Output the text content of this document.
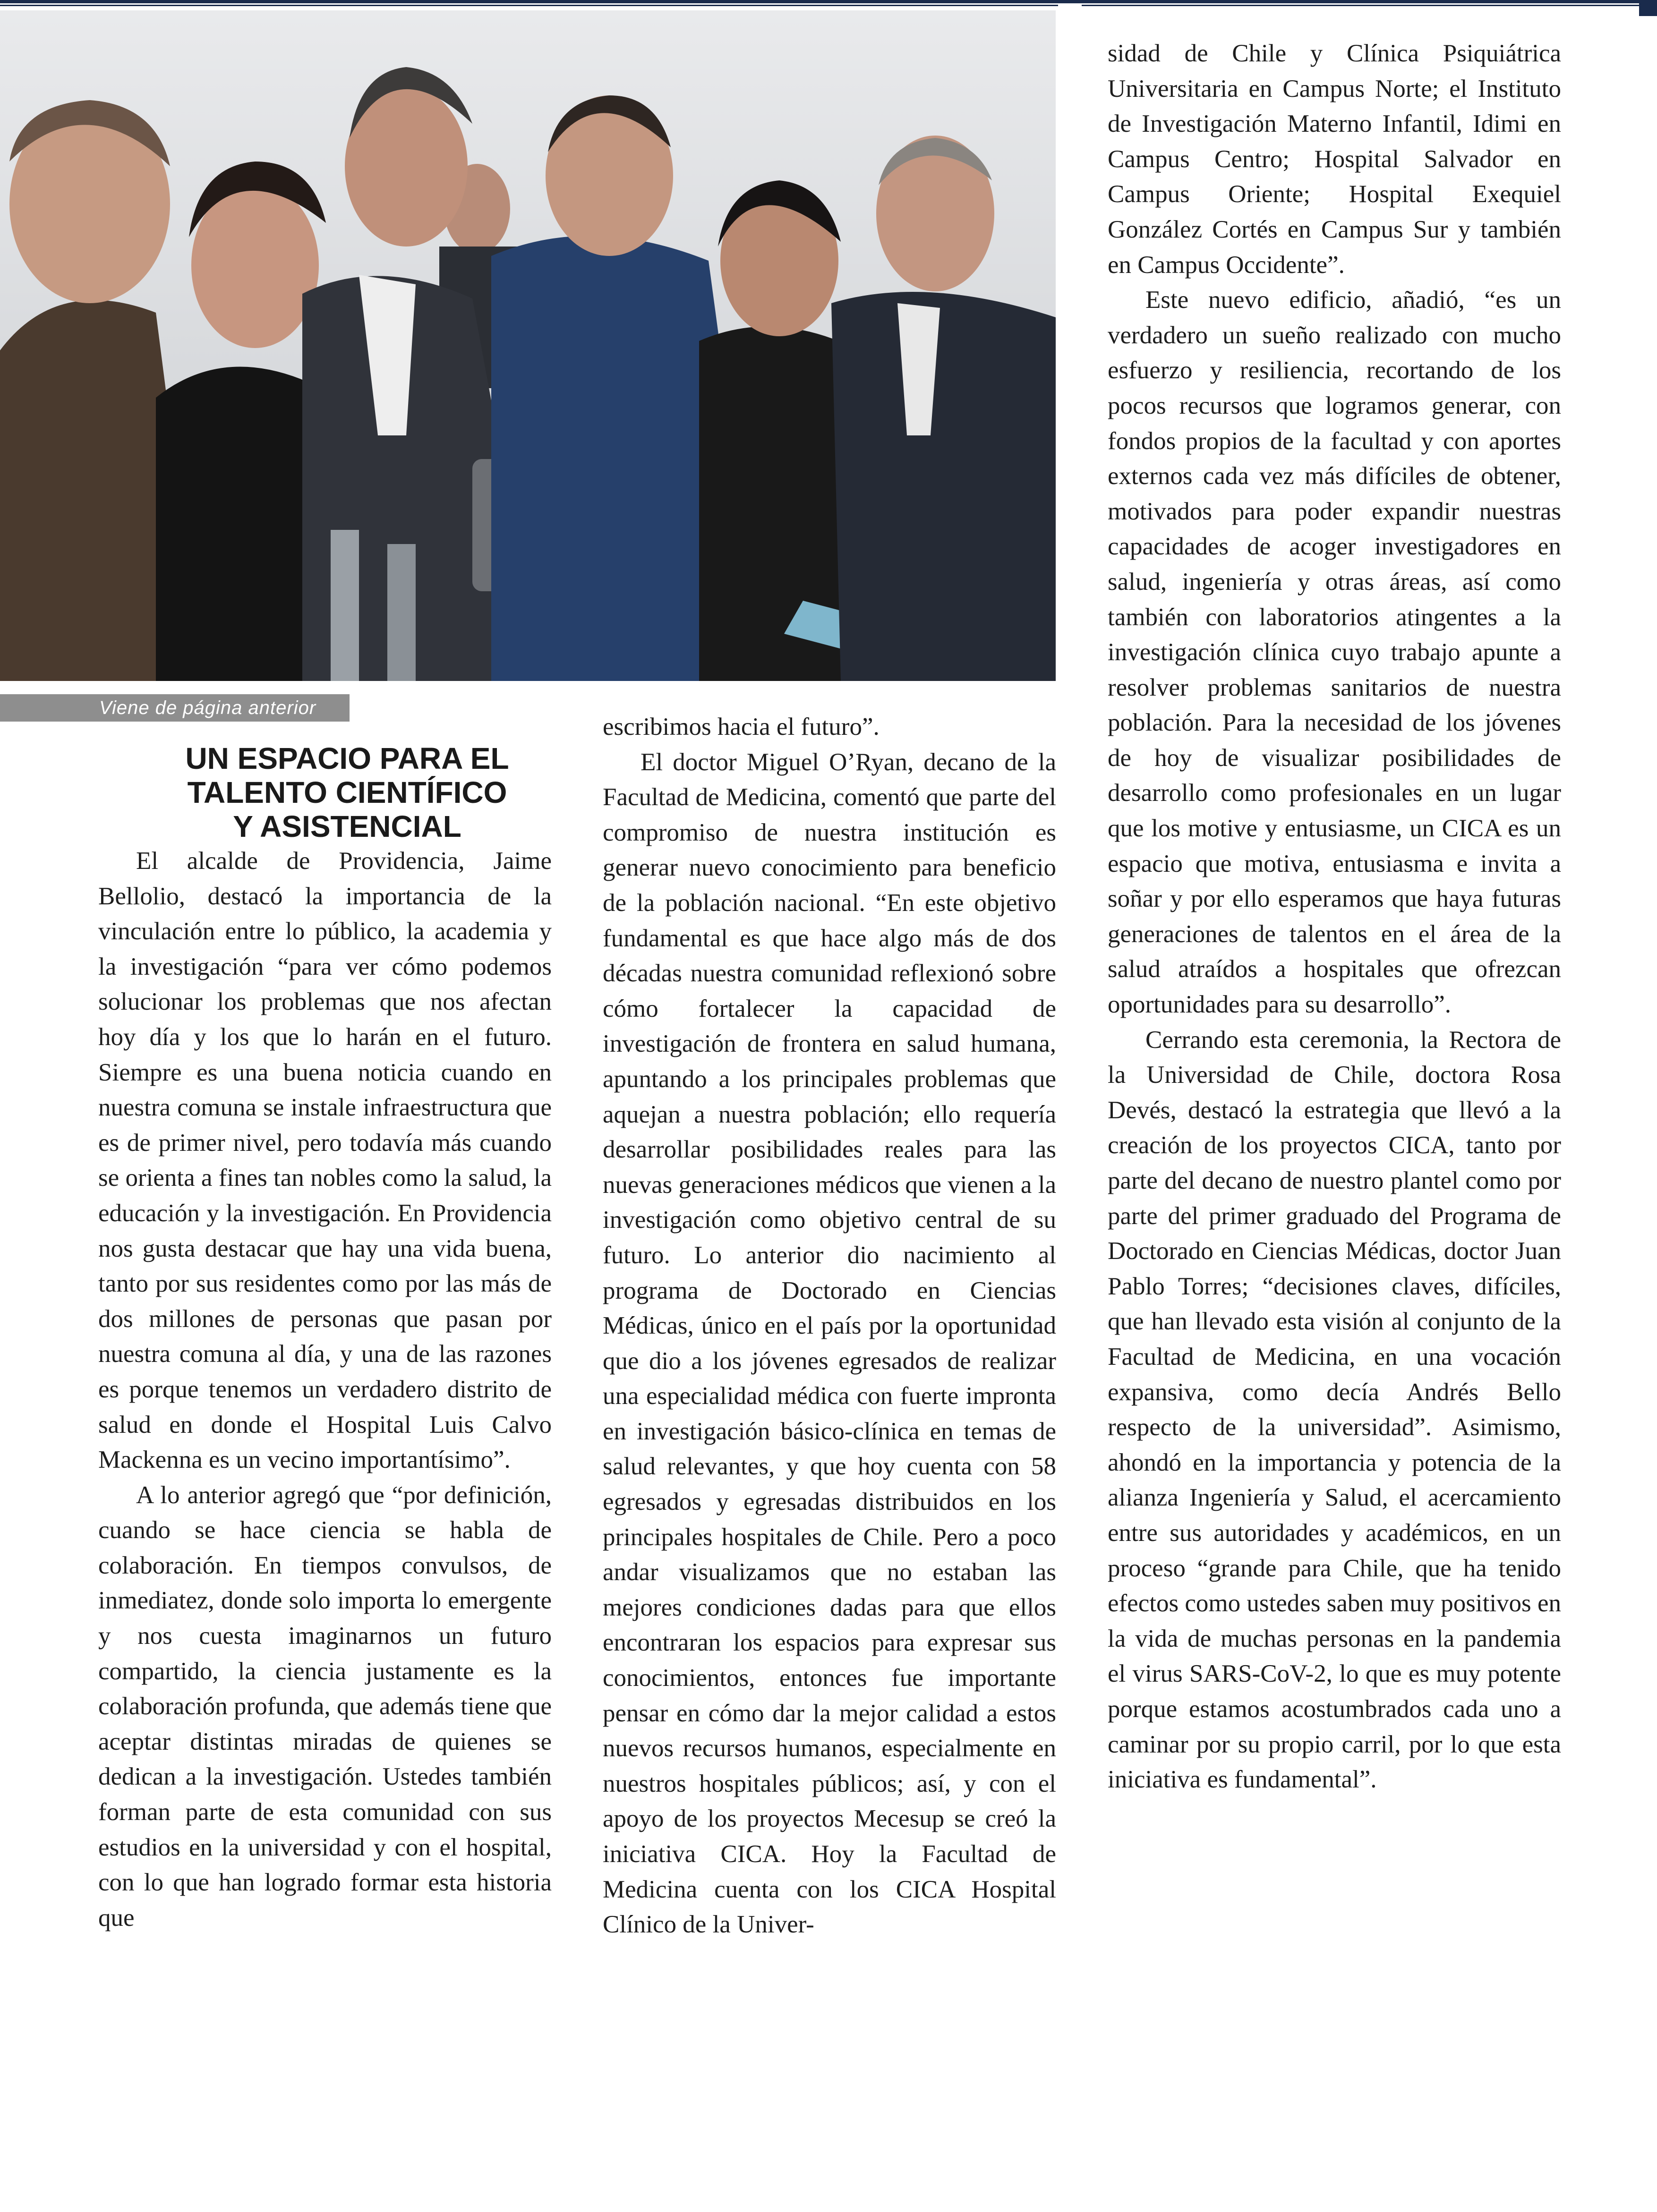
Viene de página anterior
UN ESPACIO PARA EL
TALENTO CIENTÍFICO
Y ASISTENCIAL

El alcalde de Providencia, Jaime Bellolio, destacó la importancia de la vinculación entre lo público, la academia y la investigación “para ver cómo podemos solucionar los problemas que nos afectan hoy día y los que lo harán en el futuro. Siempre es una buena noticia cuando en nuestra comuna se instale infraestructura que es de primer nivel, pero todavía más cuando se orienta a fines tan nobles como la salud, la educación y la investigación. En Providencia nos gusta destacar que hay una vida buena, tanto por sus residentes como por las más de dos millones de personas que pasan por nuestra comuna al día, y una de las razones es porque tenemos un verdadero distrito de salud en donde el Hospital Luis Calvo Mackenna es un vecino importantísimo”.

A lo anterior agregó que “por definición, cuando se hace ciencia se habla de colaboración. En tiempos convulsos, de inmediatez, donde solo importa lo emergente y nos cuesta imaginarnos un futuro compartido, la ciencia justamente es la colaboración profunda, que además tiene que aceptar distintas miradas de quienes se dedican a la investigación. Ustedes también forman parte de esta comunidad con sus estudios en la universidad y con el hospital, con lo que han logrado formar esta historia que

escribimos hacia el futuro”.

El doctor Miguel O’Ryan, decano de la Facultad de Medicina, comentó que parte del compromiso de nuestra institución es generar nuevo conocimiento para beneficio de la población nacional. “En este objetivo fundamental es que hace algo más de dos décadas nuestra comunidad reflexionó sobre cómo fortalecer la capacidad de investigación de frontera en salud humana, apuntando a los principales problemas que aquejan a nuestra población; ello requería desarrollar posibilidades reales para las nuevas generaciones médicos que vienen a la investigación como objetivo central de su futuro. Lo anterior dio nacimiento al programa de Doctorado en Ciencias Médicas, único en el país por la oportunidad que dio a los jóvenes egresados de realizar una especialidad médica con fuerte impronta en investigación básico-clínica en temas de salud relevantes, y que hoy cuenta con 58 egresados y egresadas distribuidos en los principales hospitales de Chile. Pero a poco andar visualizamos que no estaban las mejores condiciones dadas para que ellos encontraran los espacios para expresar sus conocimientos, entonces fue importante pensar en cómo dar la mejor calidad a estos nuevos recursos humanos, especialmente en nuestros hospitales públicos; así, y con el apoyo de los proyectos Mecesup se creó la iniciativa CICA. Hoy la Facultad de Medicina cuenta con los CICA Hospital Clínico de la Univer-

sidad de Chile y Clínica Psiquiátrica Universitaria en Campus Norte; el Instituto de Investigación Materno Infantil, Idimi en Campus Centro; Hospital Salvador en Campus Oriente; Hospital Exequiel González Cortés en Campus Sur y también en Campus Occidente”.

Este nuevo edificio, añadió, “es un verdadero un sueño realizado con mucho esfuerzo y resiliencia, recortando de los pocos recursos que logramos generar, con fondos propios de la facultad y con aportes externos cada vez más difíciles de obtener, motivados para poder expandir nuestras capacidades de acoger investigadores en salud, ingeniería y otras áreas, así como también con laboratorios atingentes a la investigación clínica cuyo trabajo apunte a resolver problemas sanitarios de nuestra población. Para la necesidad de los jóvenes de hoy de visualizar posibilidades de desarrollo como profesionales en un lugar que los motive y entusiasme, un CICA es un espacio que motiva, entusiasma e invita a soñar y por ello esperamos que haya futuras generaciones de talentos en el área de la salud atraídos a hospitales que ofrezcan oportunidades para su desarrollo”.

Cerrando esta ceremonia, la Rectora de la Universidad de Chile, doctora Rosa Devés, destacó la estrategia que llevó a la creación de los proyectos CICA, tanto por parte del decano de nuestro plantel como por parte del primer graduado del Programa de Doctorado en Ciencias Médicas, doctor Juan Pablo Torres; “decisiones claves, difíciles, que han llevado esta visión al conjunto de la Facultad de Medicina, en una vocación expansiva, como decía Andrés Bello respecto de la universidad”. Asimismo, ahondó en la importancia y potencia de la alianza Ingeniería y Salud, el acercamiento entre sus autoridades y académicos, en un proceso “grande para Chile, que ha tenido efectos como ustedes saben muy positivos en la vida de muchas personas en la pandemia el virus SARS-CoV-2, lo que es muy potente porque estamos acostumbrados cada uno a caminar por su propio carril, por lo que esta iniciativa es fundamental”.
